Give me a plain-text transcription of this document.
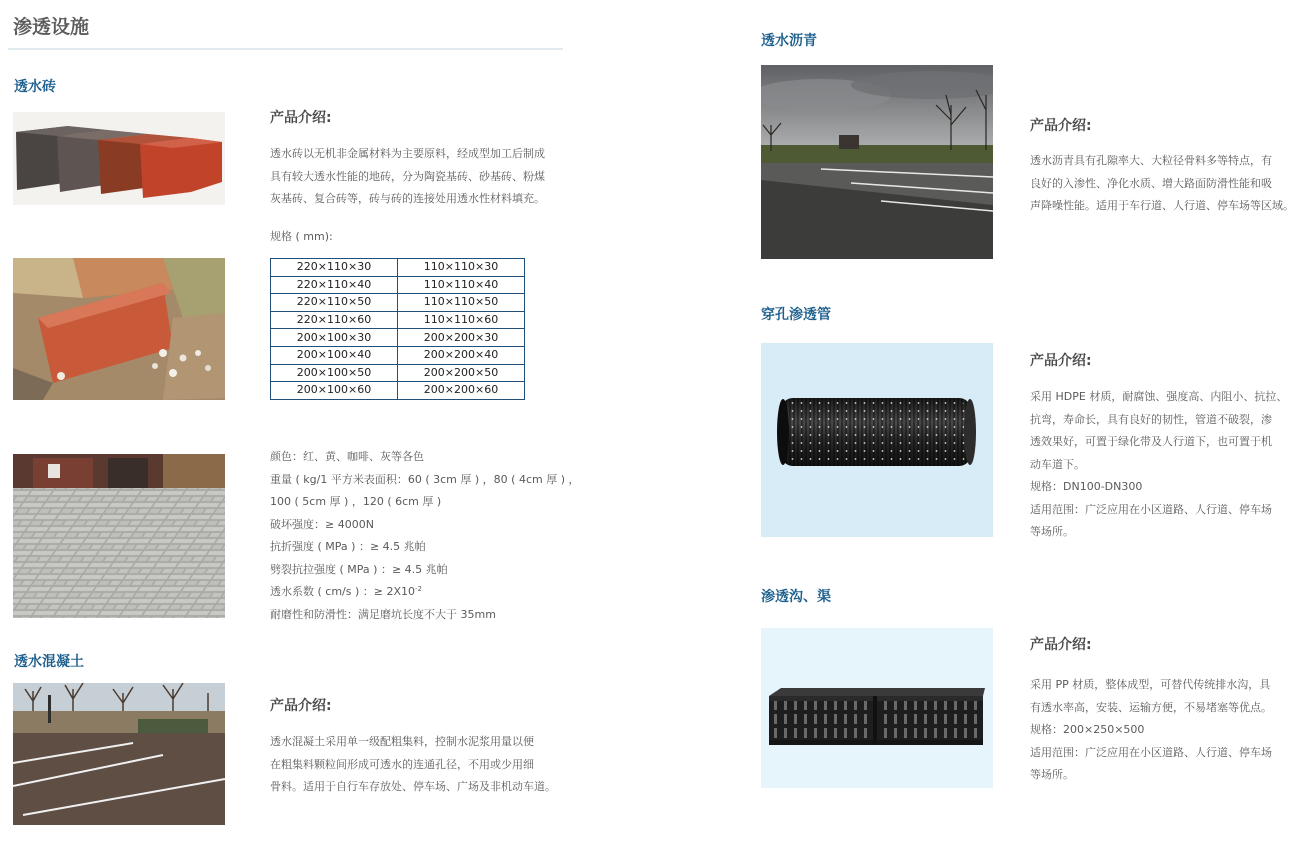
渗透设施
透水砖
产品介绍:

透水砖以无机非金属材料为主要原料，经成型加工后制成

具有较大透水性能的地砖，分为陶瓷基砖、砂基砖、粉煤

灰基砖、复合砖等，砖与砖的连接处用透水性材料填充。

规格 ( mm):
220×110×30	110×110×30
220×110×40	110×110×40
220×110×50	110×110×50
220×110×60	110×110×60
200×100×30	200×200×30
200×100×40	200×200×40
200×100×50	200×200×50
200×100×60	200×200×60

颜色：红、黄、咖啡、灰等各色

重量 ( kg/1 平方米表面积：60 ( 3cm 厚 ) ，80 ( 4cm 厚 ) ，

100 ( 5cm 厚 ) ，120 ( 6cm 厚 )

破坏强度：≥ 4000N

抗折强度 ( MPa ) ：≥ 4.5 兆帕

劈裂抗拉强度 ( MPa ) ：≥ 4.5 兆帕

透水系数 ( cm/s ) ：≥ $2X10^{-2}$

耐磨性和防滑性：满足磨坑长度不大于 35mm

透水混凝土
产品介绍:

透水混凝土采用单一级配粗集料，控制水泥浆用量以便

在粗集料颗粒间形成可透水的连通孔径，不用或少用细

骨料。适用于自行车存放处、停车场、广场及非机动车道。

透水沥青
产品介绍:

透水沥青具有孔隙率大、大粒径骨料多等特点，有

良好的入渗性、净化水质、增大路面防滑性能和吸

声降噪性能。适用于车行道、人行道、停车场等区域。

穿孔渗透管
产品介绍:

采用 HDPE 材质，耐腐蚀、强度高、内阻小、抗拉、

抗弯，寿命长，具有良好的韧性，管道不破裂，渗

透效果好，可置于绿化带及人行道下，也可置于机

动车道下。

规格：DN100-DN300

适用范围：广泛应用在小区道路、人行道、停车场

等场所。

渗透沟、渠
产品介绍:

采用 PP 材质，整体成型，可替代传统排水沟，具

有透水率高，安装、运输方便，不易堵塞等优点。

规格：200×250×500

适用范围：广泛应用在小区道路、人行道、停车场

等场所。
